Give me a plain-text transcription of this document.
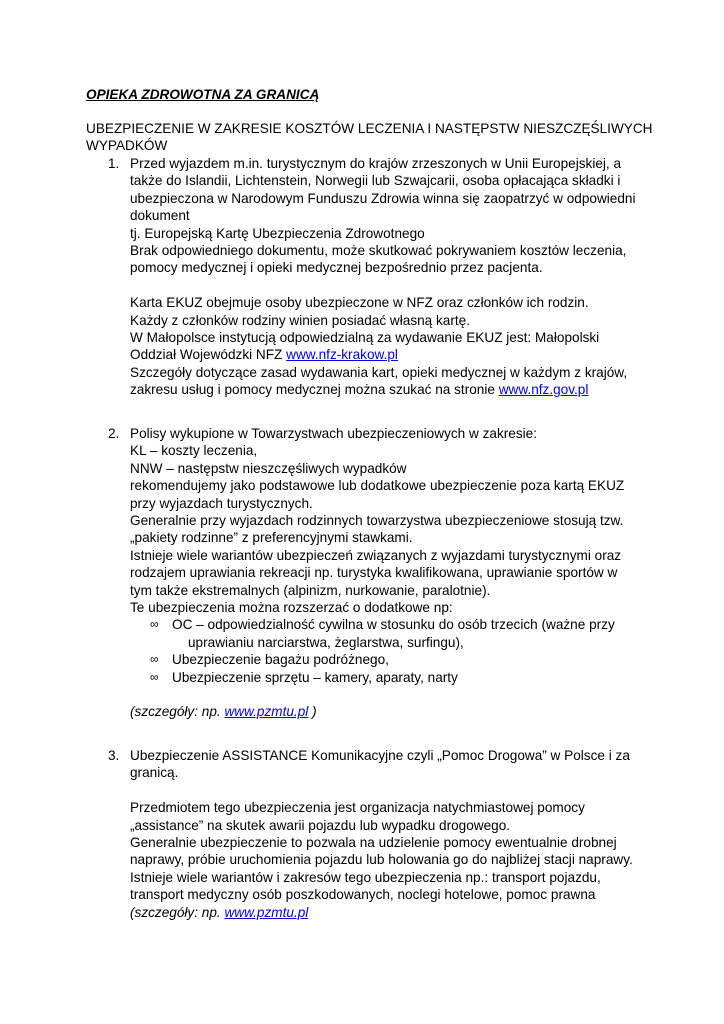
OPIEKA ZDROWOTNA ZA GRANICĄ
UBEZPIECZENIE W ZAKRESIE KOSZTÓW LECZENIA I NASTĘPSTW NIESZCZĘŚLIWYCH
WYPADKÓW
1. Przed wyjazdem m.in. turystycznym do krajów zrzeszonych w Unii Europejskiej, a
także do Islandii, Lichtenstein, Norwegii lub Szwajcarii, osoba opłacająca składki i
ubezpieczona w Narodowym Funduszu Zdrowia winna się zaopatrzyć w odpowiedni
dokument
tj. Europejską Kartę Ubezpieczenia Zdrowotnego
Brak odpowiedniego dokumentu, może skutkować pokrywaniem kosztów leczenia,
pomocy medycznej i opieki medycznej bezpośrednio przez pacjenta.
Karta EKUZ obejmuje osoby ubezpieczone w NFZ oraz członków ich rodzin.
Każdy z członków rodziny winien posiadać własną kartę.
W Małopolsce instytucją odpowiedzialną za wydawanie EKUZ jest: Małopolski
Oddział Wojewódzki NFZ www.nfz-krakow.pl
Szczegóły dotyczące zasad wydawania kart, opieki medycznej w każdym z krajów,
zakresu usług i pomocy medycznej można szukać na stronie www.nfz.gov.pl
2. Polisy wykupione w Towarzystwach ubezpieczeniowych w zakresie:
KL – koszty leczenia,
NNW – następstw nieszczęśliwych wypadków
rekomendujemy jako podstawowe lub dodatkowe ubezpieczenie poza kartą EKUZ
przy wyjazdach turystycznych.
Generalnie przy wyjazdach rodzinnych towarzystwa ubezpieczeniowe stosują tzw.
„pakiety rodzinne” z preferencyjnymi stawkami.
Istnieje wiele wariantów ubezpieczeń związanych z wyjazdami turystycznymi oraz
rodzajem uprawiania rekreacji np. turystyka kwalifikowana, uprawianie sportów w
tym także ekstremalnych (alpinizm, nurkowanie, paralotnie).
Te ubezpieczenia można rozszerzać o dodatkowe np:
∞ OC – odpowiedzialność cywilna w stosunku do osób trzecich (ważne przy
uprawianiu narciarstwa, żeglarstwa, surfingu),
∞ Ubezpieczenie bagażu podróżnego,
∞ Ubezpieczenie sprzętu – kamery, aparaty, narty
(szczegóły: np. www.pzmtu.pl )
3. Ubezpieczenie ASSISTANCE Komunikacyjne czyli „Pomoc Drogowa” w Polsce i za
granicą.
Przedmiotem tego ubezpieczenia jest organizacja natychmiastowej pomocy
„assistance” na skutek awarii pojazdu lub wypadku drogowego.
Generalnie ubezpieczenie to pozwala na udzielenie pomocy ewentualnie drobnej
naprawy, próbie uruchomienia pojazdu lub holowania go do najbliżej stacji naprawy.
Istnieje wiele wariantów i zakresów tego ubezpieczenia np.: transport pojazdu,
transport medyczny osób poszkodowanych, noclegi hotelowe, pomoc prawna
(szczegóły: np. www.pzmtu.pl
